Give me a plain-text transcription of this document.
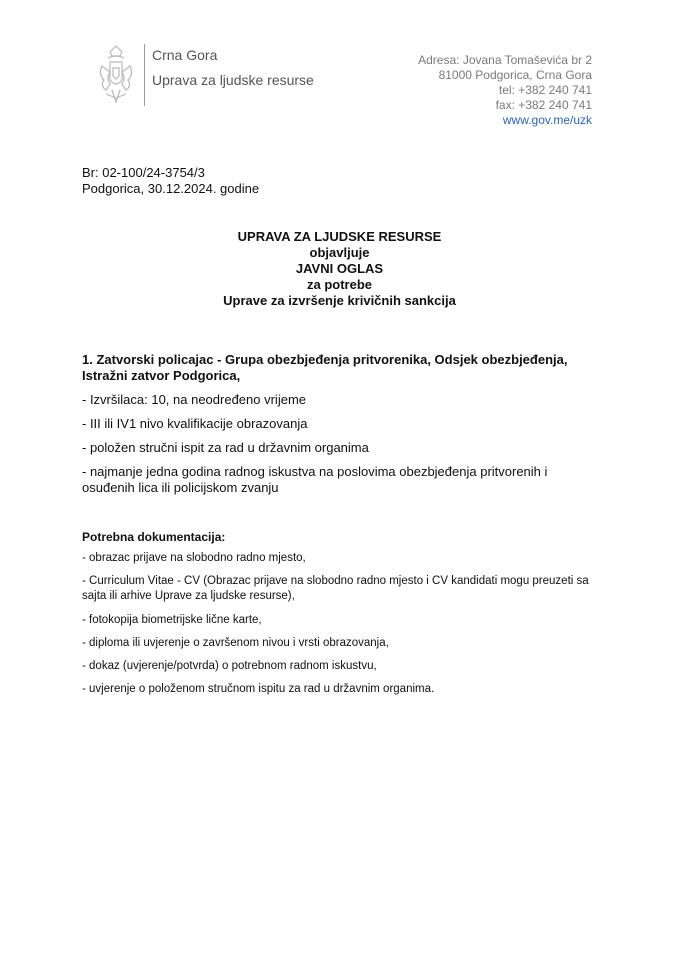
Crna Gora
Uprava za ljudske resurse
Adresa: Jovana Tomaševića br 2
81000 Podgorica, Crna Gora
tel: +382 240 741
fax: +382 240 741
www.gov.me/uzk
Br: 02-100/24-3754/3
Podgorica, 30.12.2024. godine
UPRAVA ZA LJUDSKE RESURSE
objavljuje
JAVNI OGLAS
za potrebe
Uprave za izvršenje krivičnih sankcija
1. Zatvorski policajac - Grupa obezbjeđenja pritvorenika, Odsjek obezbjeđenja, Istražni zatvor Podgorica,
- Izvršilaca: 10, na neodređeno vrijeme
- III ili IV1 nivo kvalifikacije obrazovanja
- položen stručni ispit za rad u državnim organima
- najmanje jedna godina radnog iskustva na poslovima obezbjeđenja pritvorenih i osuđenih lica ili policijskom zvanju
Potrebna dokumentacija:
- obrazac prijave na slobodno radno mjesto,
- Curriculum Vitae - CV (Obrazac prijave na slobodno radno mjesto i CV kandidati mogu preuzeti sa sajta ili arhive Uprave za ljudske resurse),
- fotokopija biometrijske lične karte,
- diploma ili uvjerenje o završenom nivou i vrsti obrazovanja,
- dokaz (uvjerenje/potvrda) o potrebnom radnom iskustvu,
- uvjerenje o položenom stručnom ispitu za rad u državnim organima.
